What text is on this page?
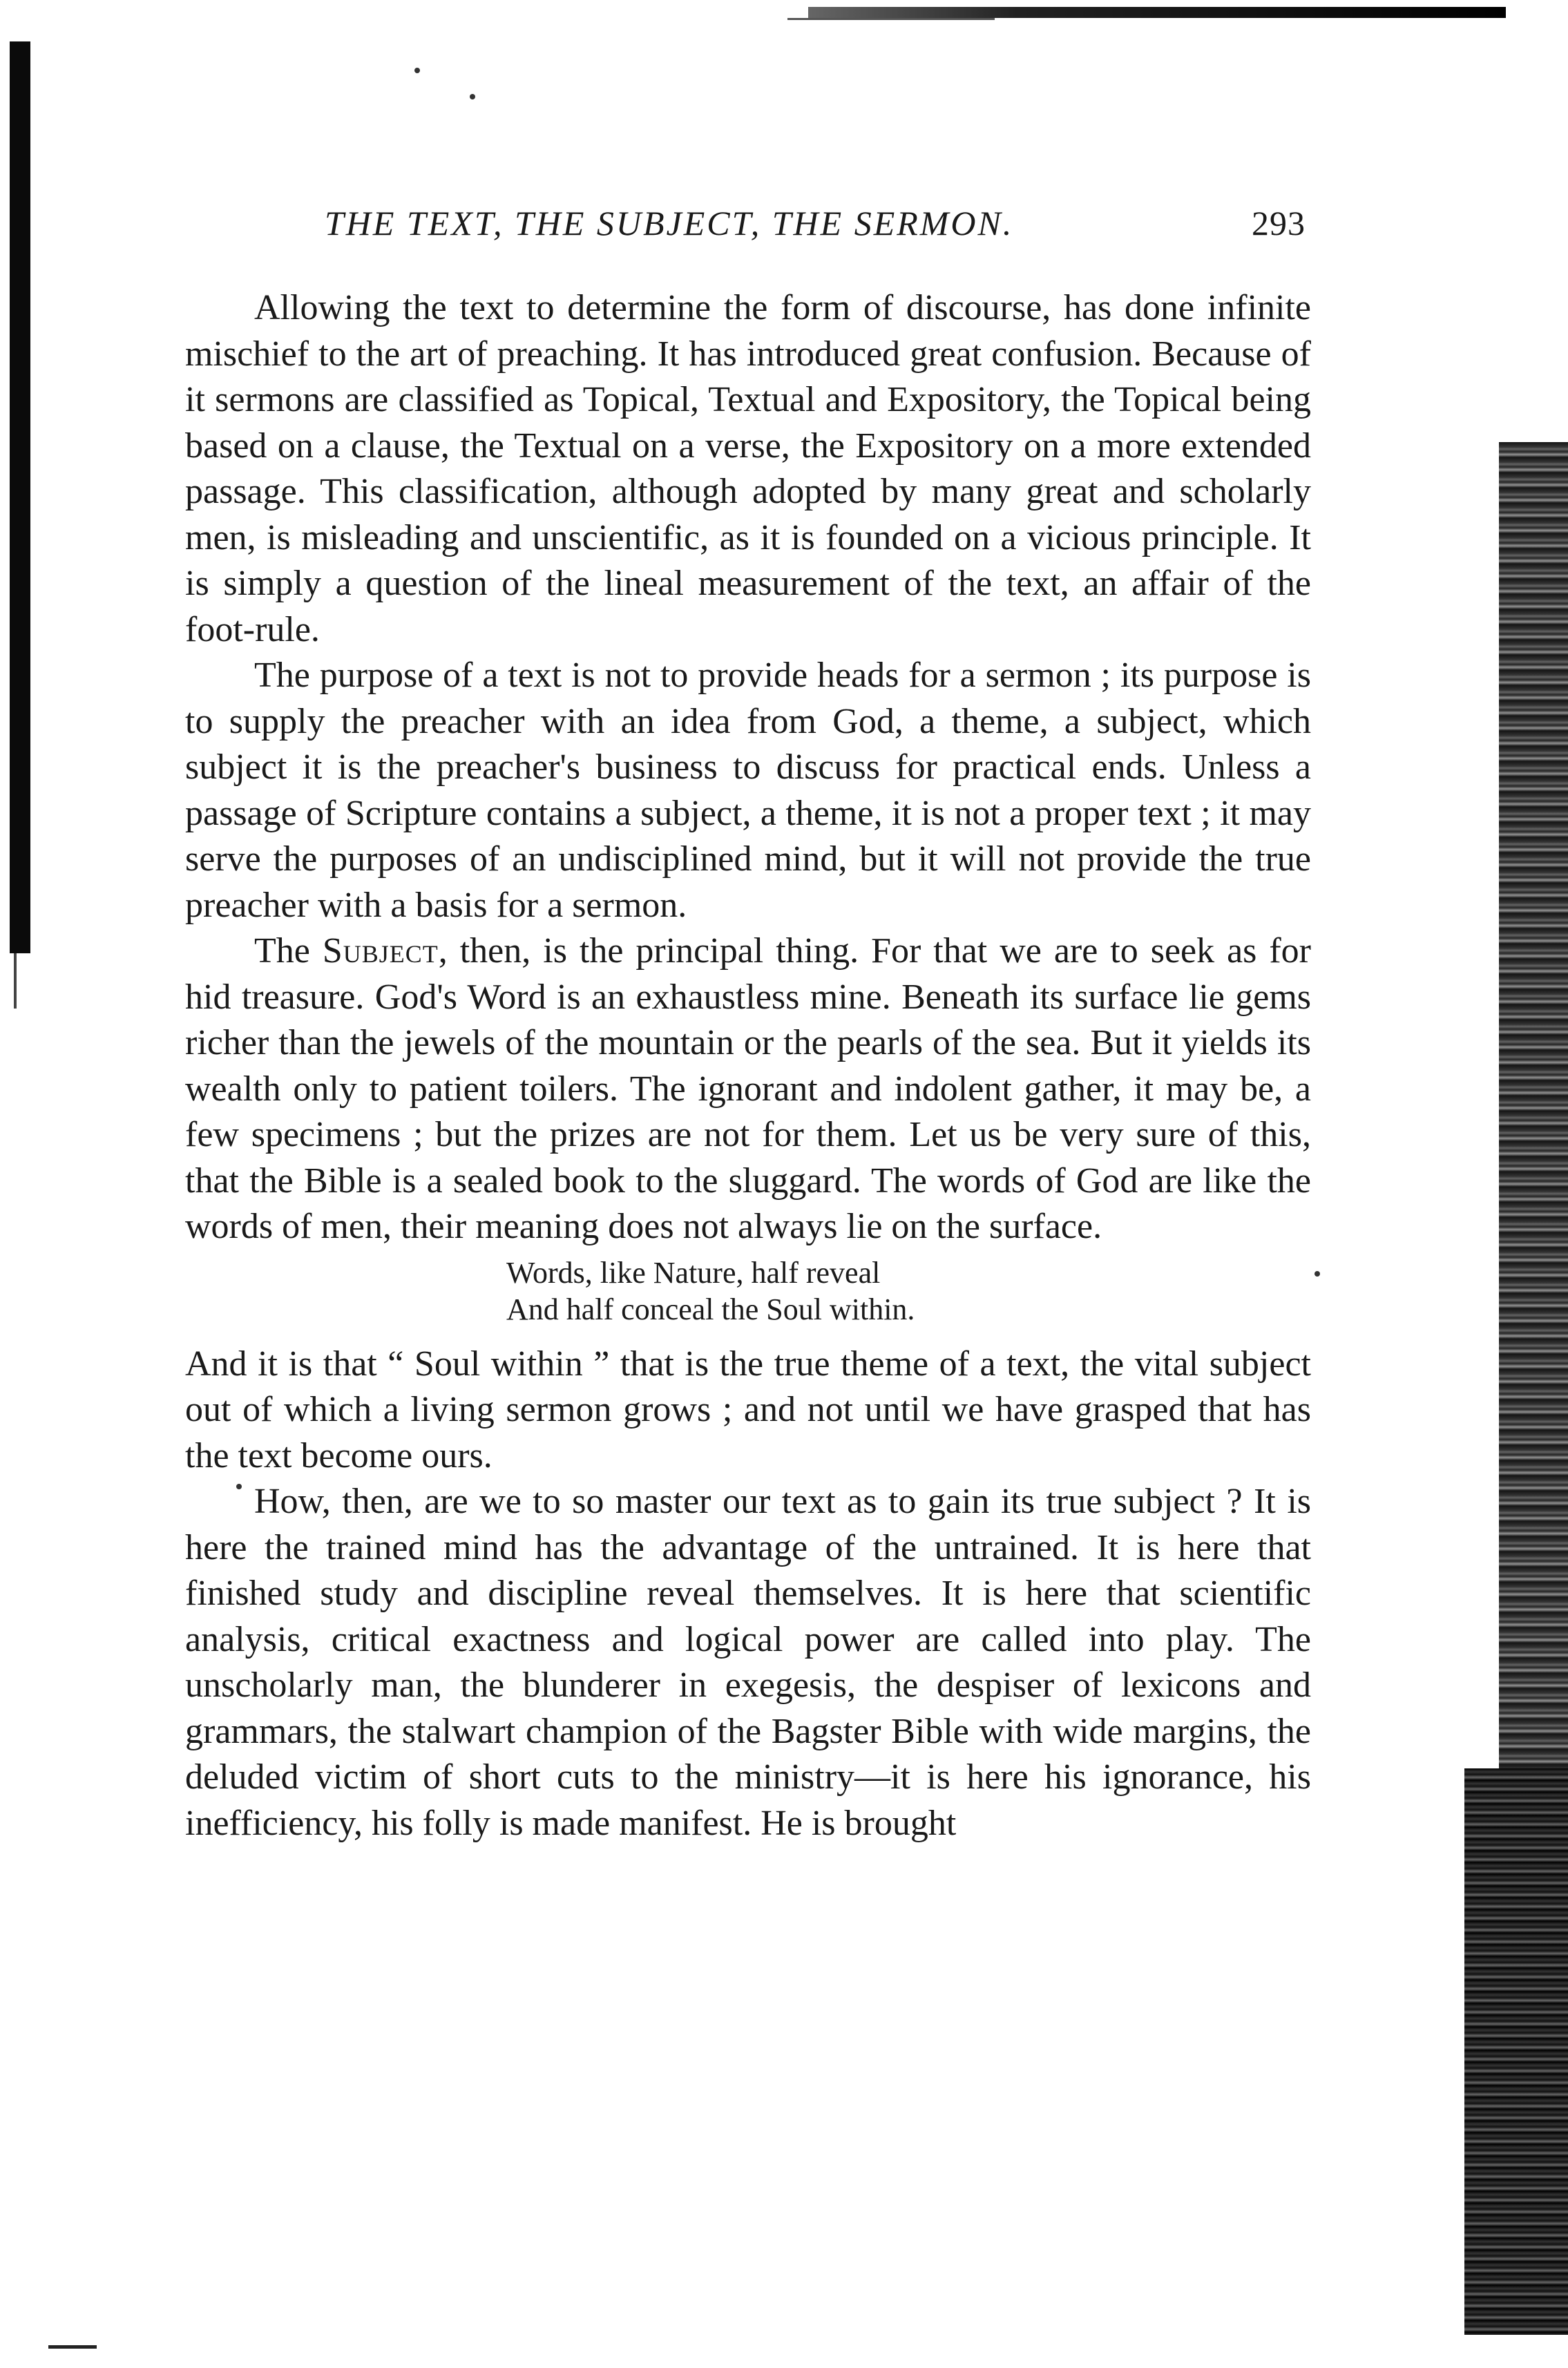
THE TEXT, THE SUBJECT, THE SERMON.	293

Allowing the text to determine the form of discourse, has done infinite mischief to the art of preaching. It has introduced great confusion. Because of it sermons are classified as Topical, Textual and Expository, the Topical being based on a clause, the Textual on a verse, the Expository on a more extended passage. This classification, although adopted by many great and scholarly men, is misleading and unscientific, as it is founded on a vicious principle. It is simply a question of the lineal measurement of the text, an affair of the foot-rule.

The purpose of a text is not to provide heads for a sermon ; its purpose is to supply the preacher with an idea from God, a theme, a subject, which subject it is the preacher's business to discuss for practical ends. Unless a passage of Scripture contains a subject, a theme, it is not a proper text ; it may serve the purposes of an undisciplined mind, but it will not provide the true preacher with a basis for a sermon.

The Subject, then, is the principal thing. For that we are to seek as for hid treasure. God's Word is an exhaustless mine. Beneath its surface lie gems richer than the jewels of the mountain or the pearls of the sea. But it yields its wealth only to patient toilers. The ignorant and indolent gather, it may be, a few specimens ; but the prizes are not for them. Let us be very sure of this, that the Bible is a sealed book to the sluggard. The words of God are like the words of men, their meaning does not always lie on the surface.

Words, like Nature, half reveal
And half conceal the Soul within.

And it is that “ Soul within ” that is the true theme of a text, the vital subject out of which a living sermon grows ; and not until we have grasped that has the text become ours.

How, then, are we to so master our text as to gain its true subject ? It is here the trained mind has the advantage of the untrained. It is here that finished study and discipline reveal themselves. It is here that scientific analysis, critical exactness and logical power are called into play. The unscholarly man, the blunderer in exegesis, the despiser of lexicons and grammars, the stalwart champion of the Bagster Bible with wide margins, the deluded victim of short cuts to the ministry—it is here his ignorance, his inefficiency, his folly is made manifest. He is brought
